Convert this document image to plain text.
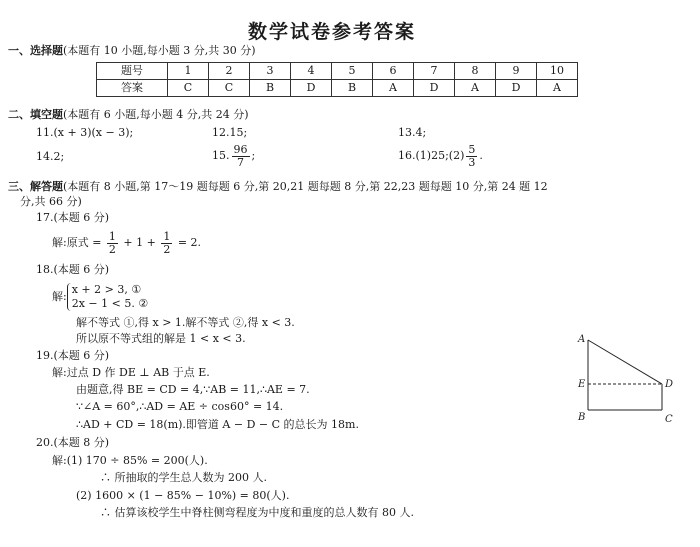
数学试卷参考答案
一、选择题(本题有 10 小题,每小题 3 分,共 30 分)
题号	1	2	3	4	5	6	7	8	9	10
答案	C	C	B	D	B	A	D	A	D	A
二、填空题(本题有 6 小题,每小题 4 分,共 24 分)
11.(x + 3)(x − 3);	12.15;	13.4;
14.2;	15. $\frac{96}{7}$ ;	16.(1)25;(2) $\frac{5}{3}$ .
三、解答题(本题有 8 小题,第 17～19 题每题 6 分,第 20,21 题每题 8 分,第 22,23 题每题 10 分,第 24 题 12
分,共 66 分)
17.(本题 6 分)
解:原式 = $\frac{1}{2} + 1 + \frac{1}{2} = 2$.
18.(本题 6 分)
解:
x + 2 > 3, ①
2x − 1 < 5. ②
解不等式 ①,得 x > 1.解不等式 ②,得 x < 3.
所以原不等式组的解是 1 < x < 3.
19.(本题 6 分)
解:过点 D 作 DE ⊥ AB 于点 E.
由题意,得 BE = CD = 4,∵AB = 11,∴AE = 7.
∵∠A = 60°,∴AD = AE ÷ cos60° = 14.
∴AD + CD = 18(m).即管道 A − D − C 的总长为 18m.
20.(本题 8 分)
解:(1) 170 ÷ 85% = 200(人).
∴ 所抽取的学生总人数为 200 人.
(2) 1600 × (1 − 85% − 10%) = 80(人).
∴ 估算该校学生中脊柱侧弯程度为中度和重度的总人数有 80 人.
A
E
B
D
C
